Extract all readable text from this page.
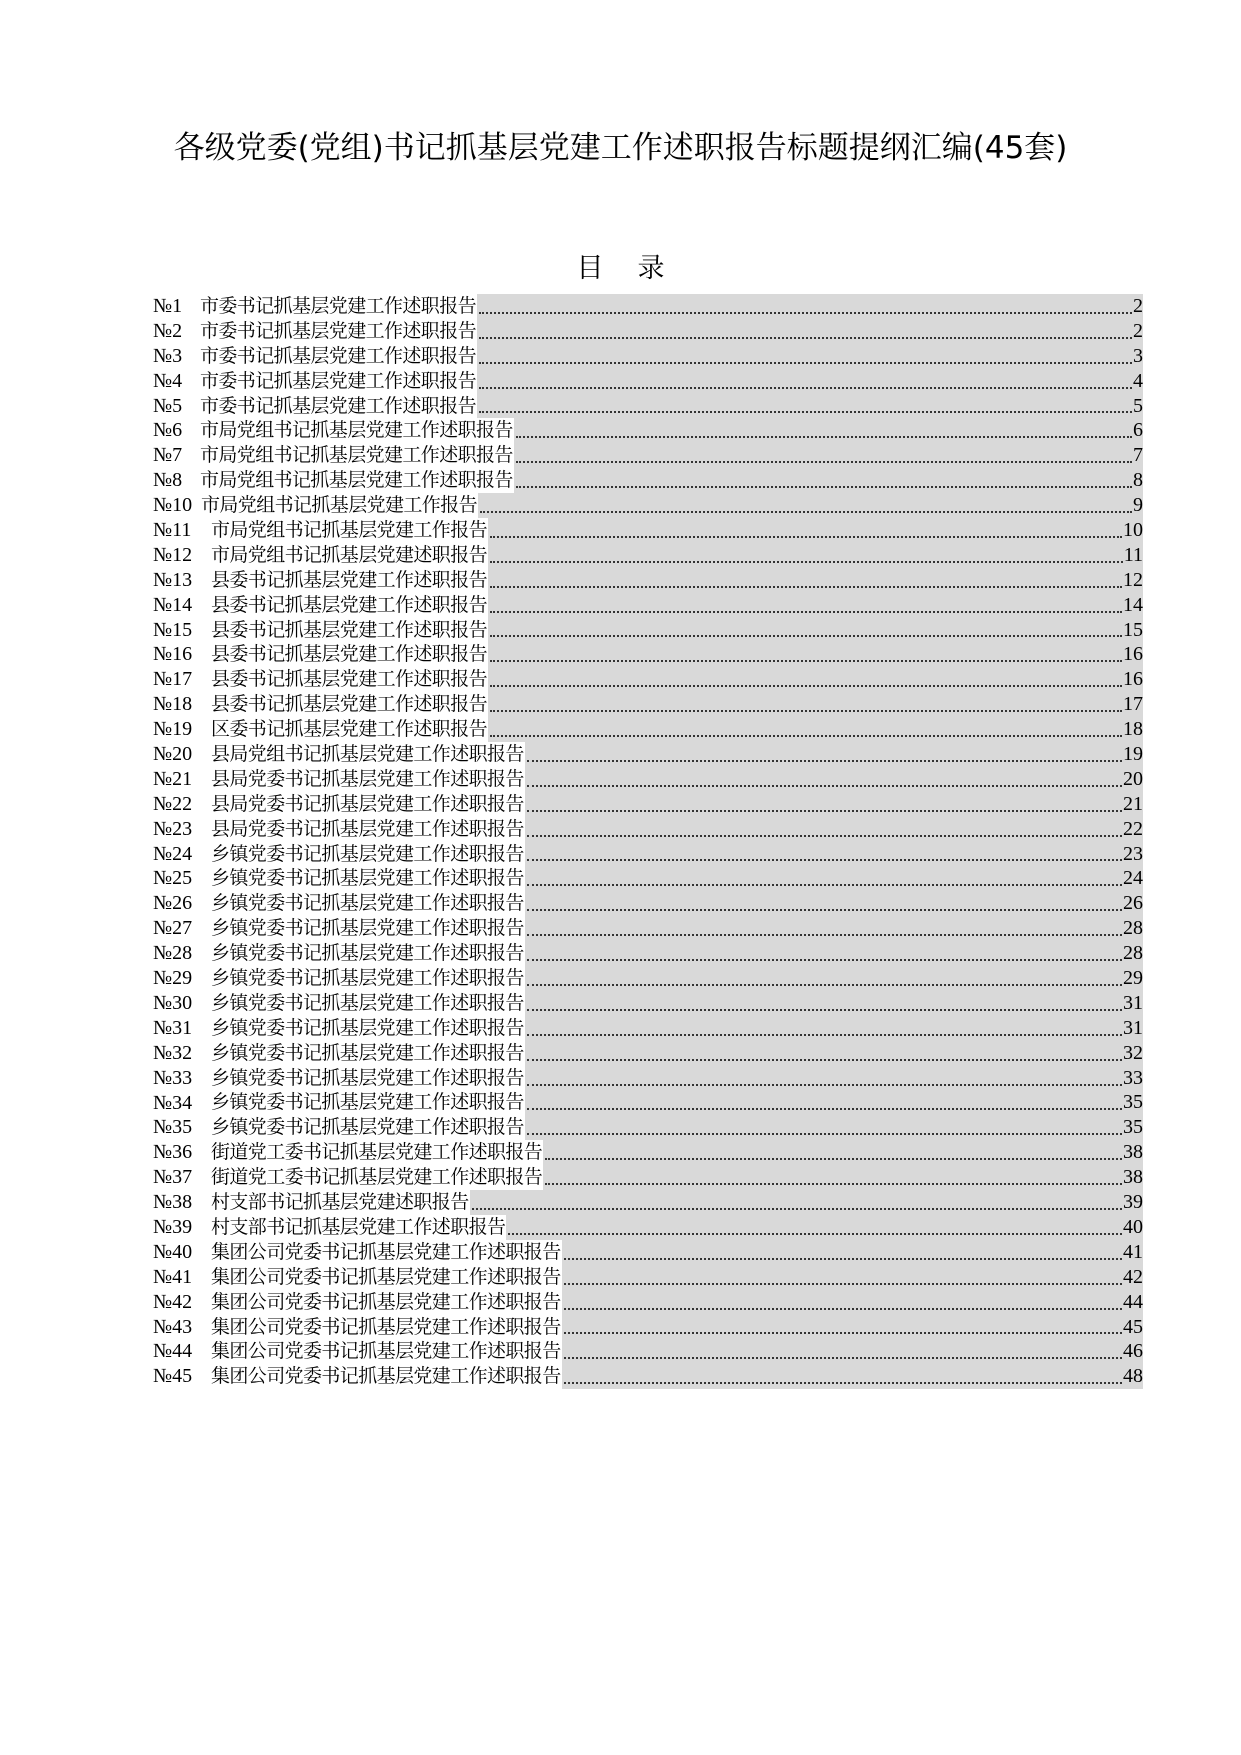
各级党委(党组)书记抓基层党建工作述职报告标题提纲汇编(45套)
目 录
№1 市委书记抓基层党建工作述职报告	2
№2 市委书记抓基层党建工作述职报告	2
№3 市委书记抓基层党建工作述职报告	3
№4 市委书记抓基层党建工作述职报告	4
№5 市委书记抓基层党建工作述职报告	5
№6 市局党组书记抓基层党建工作述职报告	6
№7 市局党组书记抓基层党建工作述职报告	7
№8 市局党组书记抓基层党建工作述职报告	8
№10 市局党组书记抓基层党建工作报告	9
№11	市局党组书记抓基层党建工作报告	10
№12 市局党组书记抓基层党建述职报告	11
№13 县委书记抓基层党建工作述职报告	12
№14 县委书记抓基层党建工作述职报告	14
№15 县委书记抓基层党建工作述职报告	15
№16 县委书记抓基层党建工作述职报告	16
№17 县委书记抓基层党建工作述职报告	16
№18 县委书记抓基层党建工作述职报告	17
№19 区委书记抓基层党建工作述职报告	18
№20 县局党组书记抓基层党建工作述职报告	19
№21 县局党委书记抓基层党建工作述职报告	20
№22 县局党委书记抓基层党建工作述职报告	21
№23 县局党委书记抓基层党建工作述职报告	22
№24 乡镇党委书记抓基层党建工作述职报告	23
№25 乡镇党委书记抓基层党建工作述职报告	24
№26 乡镇党委书记抓基层党建工作述职报告	26
№27 乡镇党委书记抓基层党建工作述职报告	28
№28 乡镇党委书记抓基层党建工作述职报告	28
№29 乡镇党委书记抓基层党建工作述职报告	29
№30 乡镇党委书记抓基层党建工作述职报告	31
№31 乡镇党委书记抓基层党建工作述职报告	31
№32 乡镇党委书记抓基层党建工作述职报告	32
№33 乡镇党委书记抓基层党建工作述职报告	33
№34 乡镇党委书记抓基层党建工作述职报告	35
№35 乡镇党委书记抓基层党建工作述职报告	35
№36 街道党工委书记抓基层党建工作述职报告	38
№37 街道党工委书记抓基层党建工作述职报告	38
№38 村支部书记抓基层党建述职报告	39
№39 村支部书记抓基层党建工作述职报告	40
№40 集团公司党委书记抓基层党建工作述职报告	41
№41 集团公司党委书记抓基层党建工作述职报告	42
№42 集团公司党委书记抓基层党建工作述职报告	44
№43 集团公司党委书记抓基层党建工作述职报告	45
№44 集团公司党委书记抓基层党建工作述职报告	46
№45 集团公司党委书记抓基层党建工作述职报告	48
